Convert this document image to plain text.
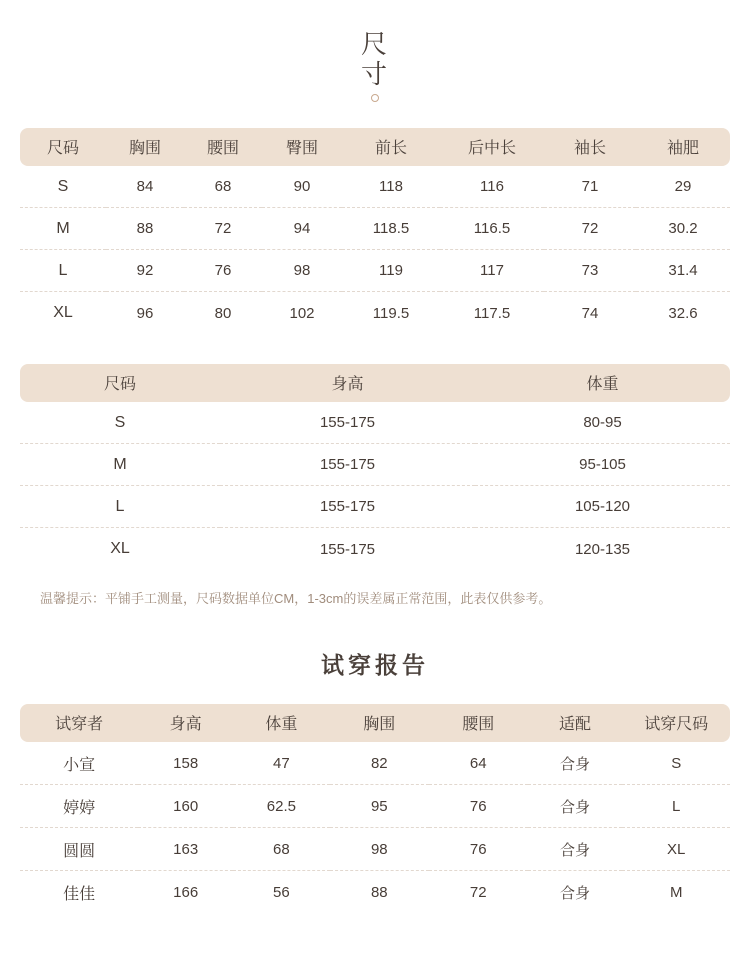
尺
寸
尺码	胸围	腰围	臀围	前长	后中长	袖长	袖肥
S	84	68	90	118	116	71	29
M	88	72	94	118.5	116.5	72	30.2
L	92	76	98	119	117	73	31.4
XL	96	80	102	119.5	117.5	74	32.6
尺码	身高	体重
S	155-175	80-95
M	155-175	95-105
L	155-175	105-120
XL	155-175	120-135
温馨提示：平铺手工测量，尺码数据单位CM，1-3cm的误差属正常范围，此表仅供参考。
试穿报告
试穿者	身高	体重	胸围	腰围	适配	试穿尺码
小宣	158	47	82	64	合身	S
婷婷	160	62.5	95	76	合身	L
圆圆	163	68	98	76	合身	XL
佳佳	166	56	88	72	合身	M
